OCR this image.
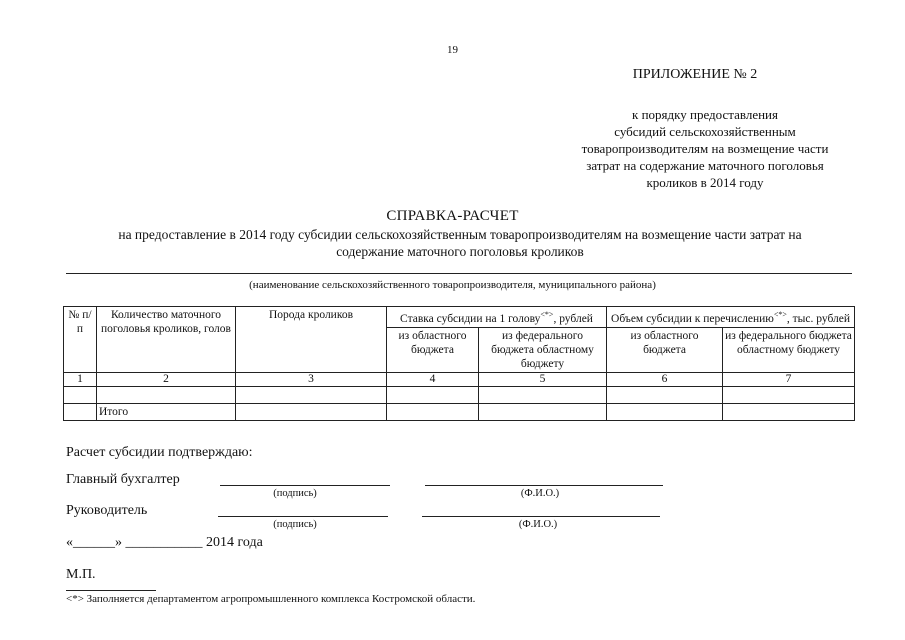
19
ПРИЛОЖЕНИЕ № 2
к порядку предоставления
субсидий сельскохозяйственным
товаропроизводителям на возмещение части
затрат на содержание маточного поголовья
кроликов в 2014 году
СПРАВКА-РАСЧЕТ
на предоставление в 2014 году субсидии сельскохозяйственным товаропроизводителям на возмещение части затрат на
содержание маточного поголовья кроликов
(наименование сельскохозяйственного товаропроизводителя, муниципального района)
№ п/п	Количество маточного поголовья кроликов, голов	Порода кроликов	Ставка субсидии на 1 голову<*>, рублей		Объем субсидии к перечислению<*>, тыс. рублей	
			из областного бюджета	из федерального бюджета областному бюджету	из областного бюджета	из федерального бюджета областному бюджету
1	2	3	4	5	6	7

	Итого					
Расчет субсидии подтверждаю:
Главный бухгалтер
(подпись)	(Ф.И.О.)
Руководитель
(подпись)	(Ф.И.О.)
«______» ___________ 2014 года
М.П.
<*> Заполняется департаментом агропромышленного комплекса Костромской области.
